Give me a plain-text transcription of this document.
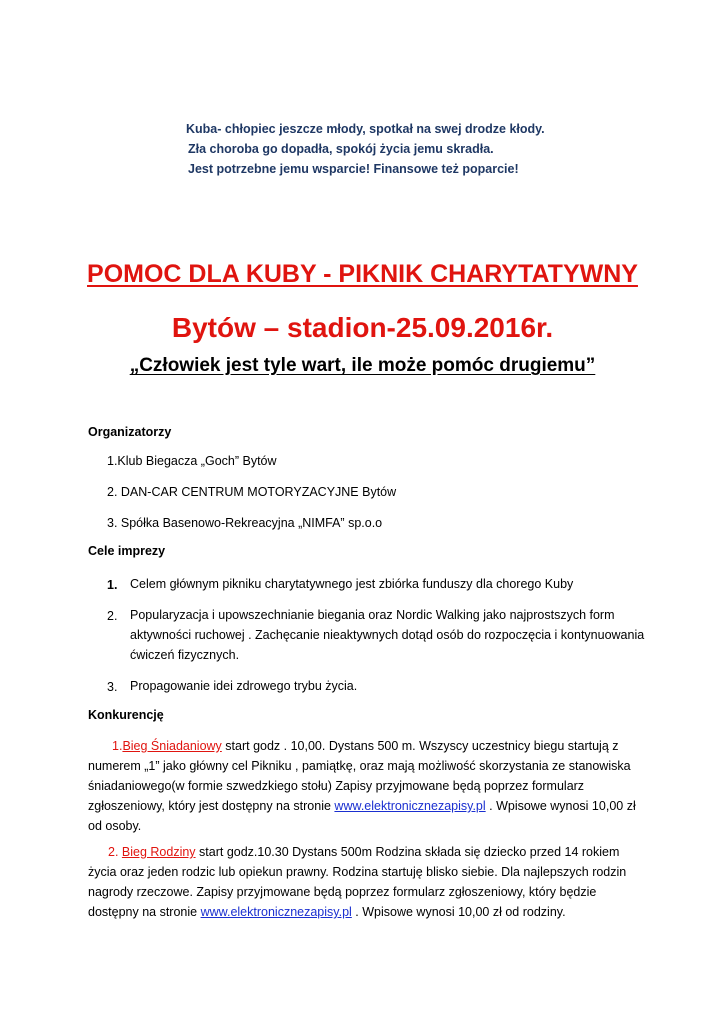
Kuba- chłopiec jeszcze młody, spotkał na swej drodze kłody.

Zła choroba go dopadła, spokój życia jemu skradła.

Jest potrzebne jemu wsparcie! Finansowe też poparcie!

POMOC DLA KUBY - PIKNIK CHARYTATYWNY
Bytów – stadion-25.09.2016r.

„Człowiek jest tyle wart, ile może pomóc drugiemu”

Organizatorzy

1.Klub Biegacza „Goch” Bytów

2. DAN-CAR CENTRUM MOTORYZACYJNE Bytów

3. Spółka Basenowo-Rekreacyjna „NIMFA” sp.o.o

Cele imprezy

1. Celem głównym pikniku charytatywnego jest zbiórka funduszy dla chorego Kuby

2. Popularyzacja i upowszechnianie biegania oraz Nordic Walking jako najprostszych form aktywności ruchowej . Zachęcanie nieaktywnych dotąd osób do rozpoczęcia i kontynuowania ćwiczeń fizycznych.

3. Propagowanie idei zdrowego trybu życia.

Konkurencję

1.Bieg Śniadaniowy start godz . 10,00. Dystans 500 m. Wszyscy uczestnicy biegu startują z numerem „1” jako główny cel Pikniku , pamiątkę, oraz mają możliwość skorzystania ze stanowiska śniadaniowego(w formie szwedzkiego stołu) Zapisy przyjmowane będą poprzez formularz zgłoszeniowy, który jest dostępny na stronie www.elektronicznezapisy.pl . Wpisowe wynosi 10,00 zł od osoby.

2. Bieg Rodziny start godz.10.30 Dystans 500m Rodzina składa się dziecko przed 14 rokiem życia oraz jeden rodzic lub opiekun prawny. Rodzina startuję blisko siebie. Dla najlepszych rodzin nagrody rzeczowe. Zapisy przyjmowane będą poprzez formularz zgłoszeniowy, który będzie dostępny na stronie www.elektronicznezapisy.pl . Wpisowe wynosi 10,00 zł od rodziny.
